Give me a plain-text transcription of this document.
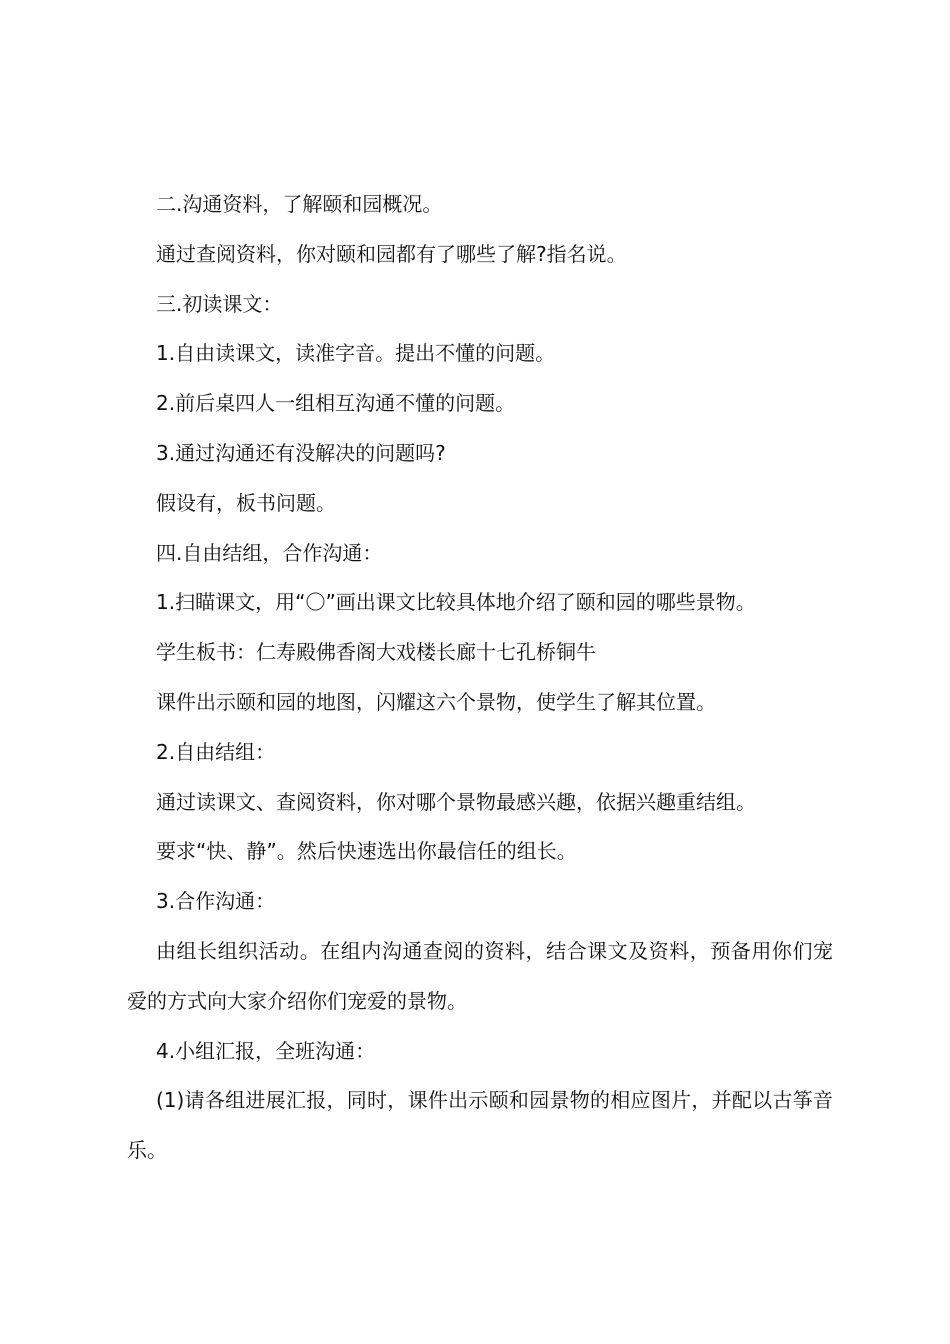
二.沟通资料，了解颐和园概况。

通过查阅资料，你对颐和园都有了哪些了解?指名说。

三.初读课文：

1.自由读课文，读准字音。提出不懂的问题。

2.前后桌四人一组相互沟通不懂的问题。

3.通过沟通还有没解决的问题吗?

假设有，板书问题。

四.自由结组，合作沟通：

1.扫瞄课文，用“〇”画出课文比较具体地介绍了颐和园的哪些景物。

学生板书：仁寿殿佛香阁大戏楼长廊十七孔桥铜牛

课件出示颐和园的地图，闪耀这六个景物，使学生了解其位置。

2.自由结组：

通过读课文、查阅资料，你对哪个景物最感兴趣，依据兴趣重结组。

要求“快、静”。然后快速选出你最信任的组长。

3.合作沟通：

由组长组织活动。在组内沟通查阅的资料，结合课文及资料，预备用你们宠爱的方式向大家介绍你们宠爱的景物。

4.小组汇报，全班沟通：

(1)请各组进展汇报，同时，课件出示颐和园景物的相应图片，并配以古筝音乐。
